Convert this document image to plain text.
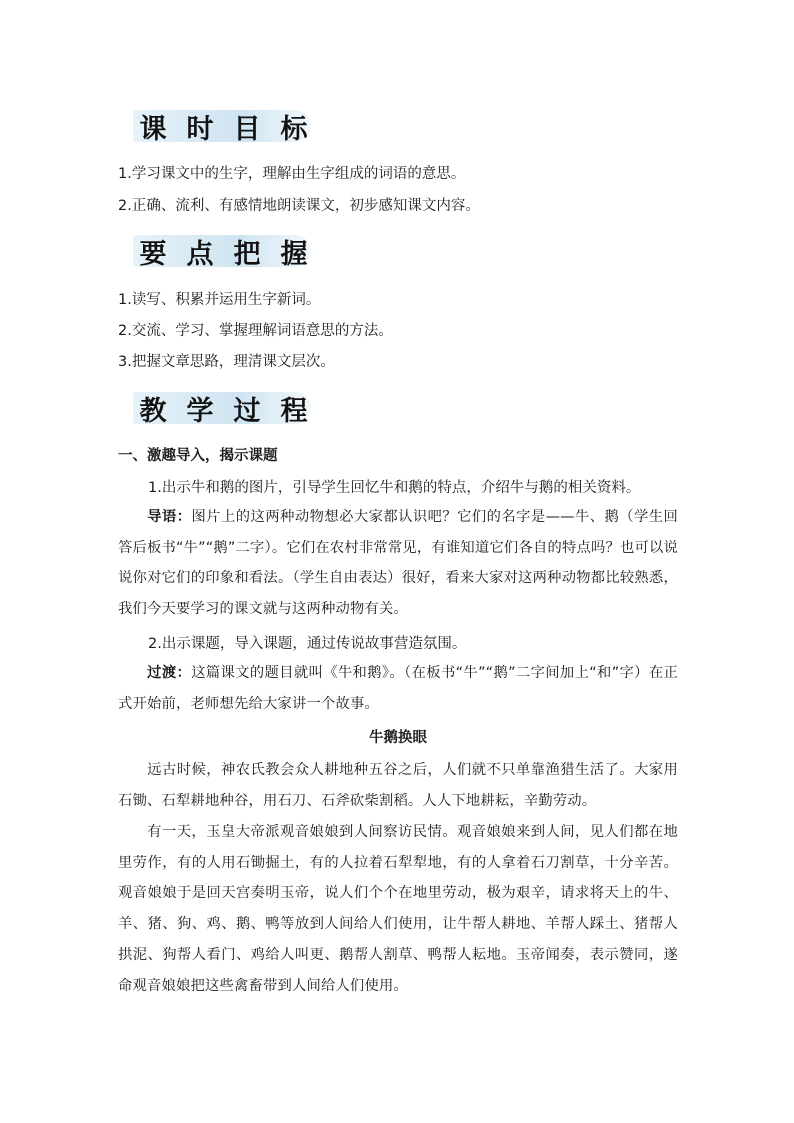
课 时 目 标
1.学习课文中的生字，理解由生字组成的词语的意思。
2.正确、流利、有感情地朗读课文，初步感知课文内容。
要 点 把 握
1.读写、积累并运用生字新词。
2.交流、学习、掌握理解词语意思的方法。
3.把握文章思路，理清课文层次。
教 学 过 程
一、激趣导入，揭示课题
1.出示牛和鹅的图片，引导学生回忆牛和鹅的特点，介绍牛与鹅的相关资料。
导语：图片上的这两种动物想必大家都认识吧？它们的名字是——牛、鹅（学生回答后板书“牛”“鹅”二字）。它们在农村非常常见，有谁知道它们各自的特点吗？也可以说说你对它们的印象和看法。（学生自由表达）很好，看来大家对这两种动物都比较熟悉，我们今天要学习的课文就与这两种动物有关。
2.出示课题，导入课题，通过传说故事营造氛围。
过渡：这篇课文的题目就叫《牛和鹅》。（在板书“牛”“鹅”二字间加上“和”字）在正式开始前，老师想先给大家讲一个故事。
牛鹅换眼
远古时候，神农氏教会众人耕地种五谷之后，人们就不只单靠渔猎生活了。大家用石锄、石犁耕地种谷，用石刀、石斧砍柴割稻。人人下地耕耘，辛勤劳动。
有一天，玉皇大帝派观音娘娘到人间察访民情。观音娘娘来到人间，见人们都在地里劳作，有的人用石锄掘土，有的人拉着石犁犁地，有的人拿着石刀割草，十分辛苦。观音娘娘于是回天宫奏明玉帝，说人们个个在地里劳动，极为艰辛，请求将天上的牛、羊、猪、狗、鸡、鹅、鸭等放到人间给人们使用，让牛帮人耕地、羊帮人踩土、猪帮人拱泥、狗帮人看门、鸡给人叫更、鹅帮人割草、鸭帮人耘地。玉帝闻奏，表示赞同，遂命观音娘娘把这些禽畜带到人间给人们使用。
